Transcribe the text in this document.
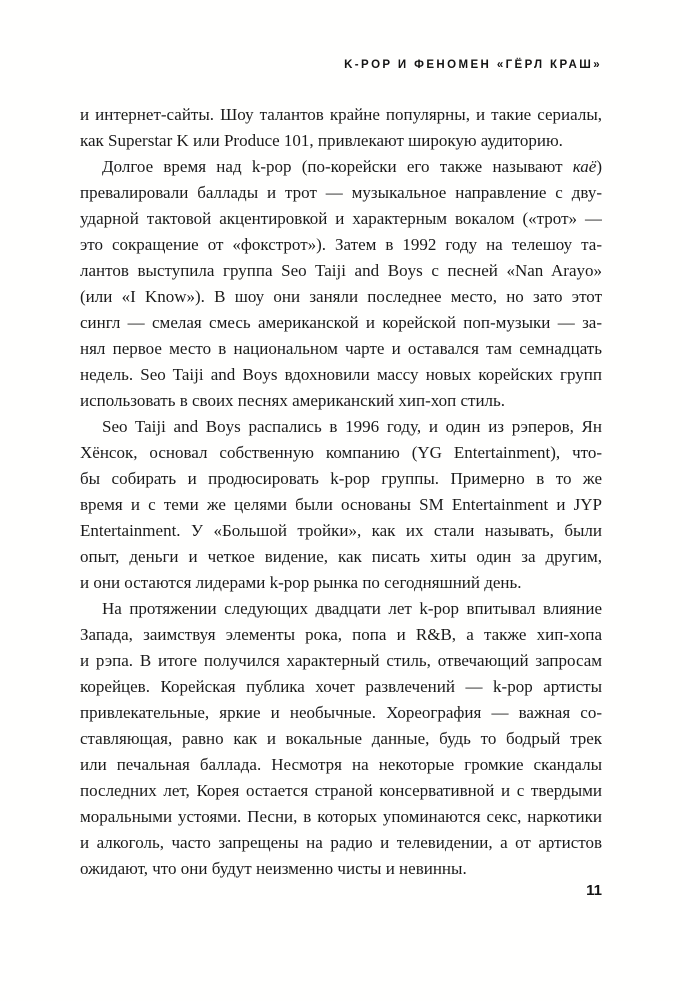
K-POP И ФЕНОМЕН «ГЁРЛ КРАШ»
и интернет-сайты. Шоу талантов крайне популярны, и такие сериалы,
как Superstar K или Produce 101, привлекают широкую аудиторию.
Долгое время над k-pop (по-корейски его также называют каё)
превалировали баллады и трот — музыкальное направление с дву-
ударной тактовой акцентировкой и характерным вокалом («трот» —
это сокращение от «фокстрот»). Затем в 1992 году на телешоу та-
лантов выступила группа Seo Taiji and Boys с песней «Nan Arayo»
(или «I Know»). В шоу они заняли последнее место, но зато этот
сингл — смелая смесь американской и корейской поп-музыки — за-
нял первое место в национальном чарте и оставался там семнадцать
недель. Seo Taiji and Boys вдохновили массу новых корейских групп
использовать в своих песнях американский хип-хоп стиль.
Seo Taiji and Boys распались в 1996 году, и один из рэперов, Ян
Хёнсок, основал собственную компанию (YG Entertainment), что-
бы собирать и продюсировать k-pop группы. Примерно в то же
время и с теми же целями были основаны SM Entertainment и JYP
Entertainment. У «Большой тройки», как их стали называть, были
опыт, деньги и четкое видение, как писать хиты один за другим,
и они остаются лидерами k-pop рынка по сегодняшний день.
На протяжении следующих двадцати лет k-pop впитывал влияние
Запада, заимствуя элементы рока, попа и R&B, а также хип-хопа
и рэпа. В итоге получился характерный стиль, отвечающий запросам
корейцев. Корейская публика хочет развлечений — k-pop артисты
привлекательные, яркие и необычные. Хореография — важная со-
ставляющая, равно как и вокальные данные, будь то бодрый трек
или печальная баллада. Несмотря на некоторые громкие скандалы
последних лет, Корея остается страной консервативной и с твердыми
моральными устоями. Песни, в которых упоминаются секс, наркотики
и алкоголь, часто запрещены на радио и телевидении, а от артистов
ожидают, что они будут неизменно чисты и невинны.
11
